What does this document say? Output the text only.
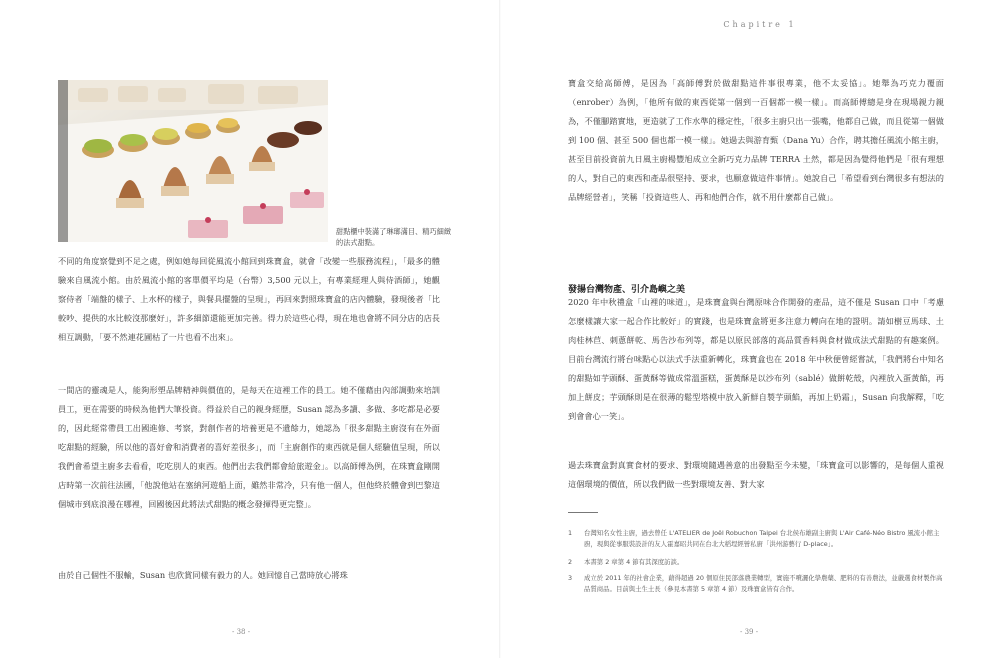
Chapitre 1
甜點櫃中裝滿了琳瑯滿目、精巧細緻的法式甜點。
不同的角度察覺到不足之處，例如她每回從風流小館回到珠寶盒，就會「改變一些服務流程」，「最多的體驗來自風流小館。由於風流小館的客單價平均是（台幣）3,500 元以上，有專業經理人與侍酒師」，她觀察侍者「端盤的樣子、上水杯的樣子，與餐具擺盤的呈現」，再回來對照珠寶盒的店內體驗，發現後者「比較吵、提供的水比較沒那麼好」，許多細節還能更加完善。得力於這些心得，現在地也會將不同分店的店長相互調動，「要不然連花圃枯了一片也看不出來」。
一間店的靈魂是人，能夠形塑品牌精神與價值的，是每天在這裡工作的員工。她不僅藉由內部調動來培訓員工，更在需要的時候為他們大筆投資。得益於自己的親身經歷，Susan 認為多讀、多做、多吃都是必要的，因此經常帶員工出國進修、考察，對創作者的培養更是不遺餘力，她認為「很多甜點主廚沒有在外面吃甜點的經驗，所以他的喜好會和消費者的喜好差很多」，而「主廚創作的東西就是個人經驗值呈現，所以我們會希望主廚多去看看，吃吃別人的東西。他們出去我們都會給旅遊金」。以高師傅為例，在珠寶盒剛開店時第一次前往法國，「他說他站在塞納河遊船上面，雖然非常冷，只有他一個人，但他終於體會到巴黎這個城市到底浪漫在哪裡，回國後因此將法式甜點的概念發揮得更完整」。
由於自己個性不服輸，Susan 也欣賞同樣有毅力的人。她回憶自己當時放心將珠
- 38 -
寶盒交給高師傅，是因為「高師傅對於做甜點這件事很專業，他不太妥協」。她舉為巧克力覆面（enrober）為例，「他所有做的東西從第一個到一百個都一模一樣」。而高師傅總是身在現場親力親為，不僅腳踏實地，更造就了工作水準的穩定性，「很多主廚只出一張嘴，他都自己做，而且從第一個做到 100 個、甚至 500 個也都一模一樣」。她過去與游育甄（Dana Yu）合作，聘其擔任風流小館主廚，甚至目前投資前九日風主廚楊豐旭成立全新巧克力品牌 TERRA 土然，都是因為覺得他們是「很有理想的人，對自己的東西和產品很堅持、要求，也願意做這件事情」。她說自己「希望看到台灣很多有想法的品牌經營者」，笑稱「投資這些人、再和他們合作，就不用什麼都自己做」。
發揚台灣物產、引介島嶼之美
2020 年中秋禮盒「山裡的味道」，是珠寶盒與台灣原味合作開發的產品，這不僅是 Susan 口中「考慮怎麼樣讓大家一起合作比較好」的實踐，也是珠寶盒將更多注意力轉向在地的證明。請如樹豆馬球、土肉桂林苣、刺蔥餅乾、馬告沙布列等，都是以原民部落的高品質香料與食材做成法式甜點的有趣案例。目前台灣流行將台味點心以法式手法重新轉化，珠寶盒也在 2018 年中秋便曾經嘗試，「我們將台中知名的甜點如芋頭酥、蛋黃酥等做成常溫蛋糕，蛋黃酥是以沙布列（sablé）做餅乾殼，內裡放入蛋黃餡，再加上餅皮；芋頭酥則是在很薄的鬆型塔模中放入新鮮自製芋頭餡，再加上奶霜」，Susan 向我解釋，「吃到會會心一笑」。
過去珠寶盒對真實食材的要求、對環境隨遇善意的出發點至今未變，「珠寶盒可以影響的，是每個人重視這個環境的價值，所以我們做一些對環境友善、對大家
1 台灣知名女性主廚，過去曾任 L'ATELIER de Joël Robuchon Taipei 台北侯布雄副主廚與 L'Air Café-Néo Bistro 風流小館主廚，現與從事服裝設計的友人霍嘉昭共同在台北大稻埕經營私廚「洪州游藝行 D-place」。
2 本書第 2 章第 4 節有其深度訪談。
3 成立於 2011 年的社會企業，藉得超過 20 個原住民部落農業轉型，實施不噴灑化學農藥、肥料的有善農法，並嚴選食材製作高品質商品。目前與土生土長（參見本書第 5 章第 4 節）及珠寶盒皆有合作。
- 39 -
